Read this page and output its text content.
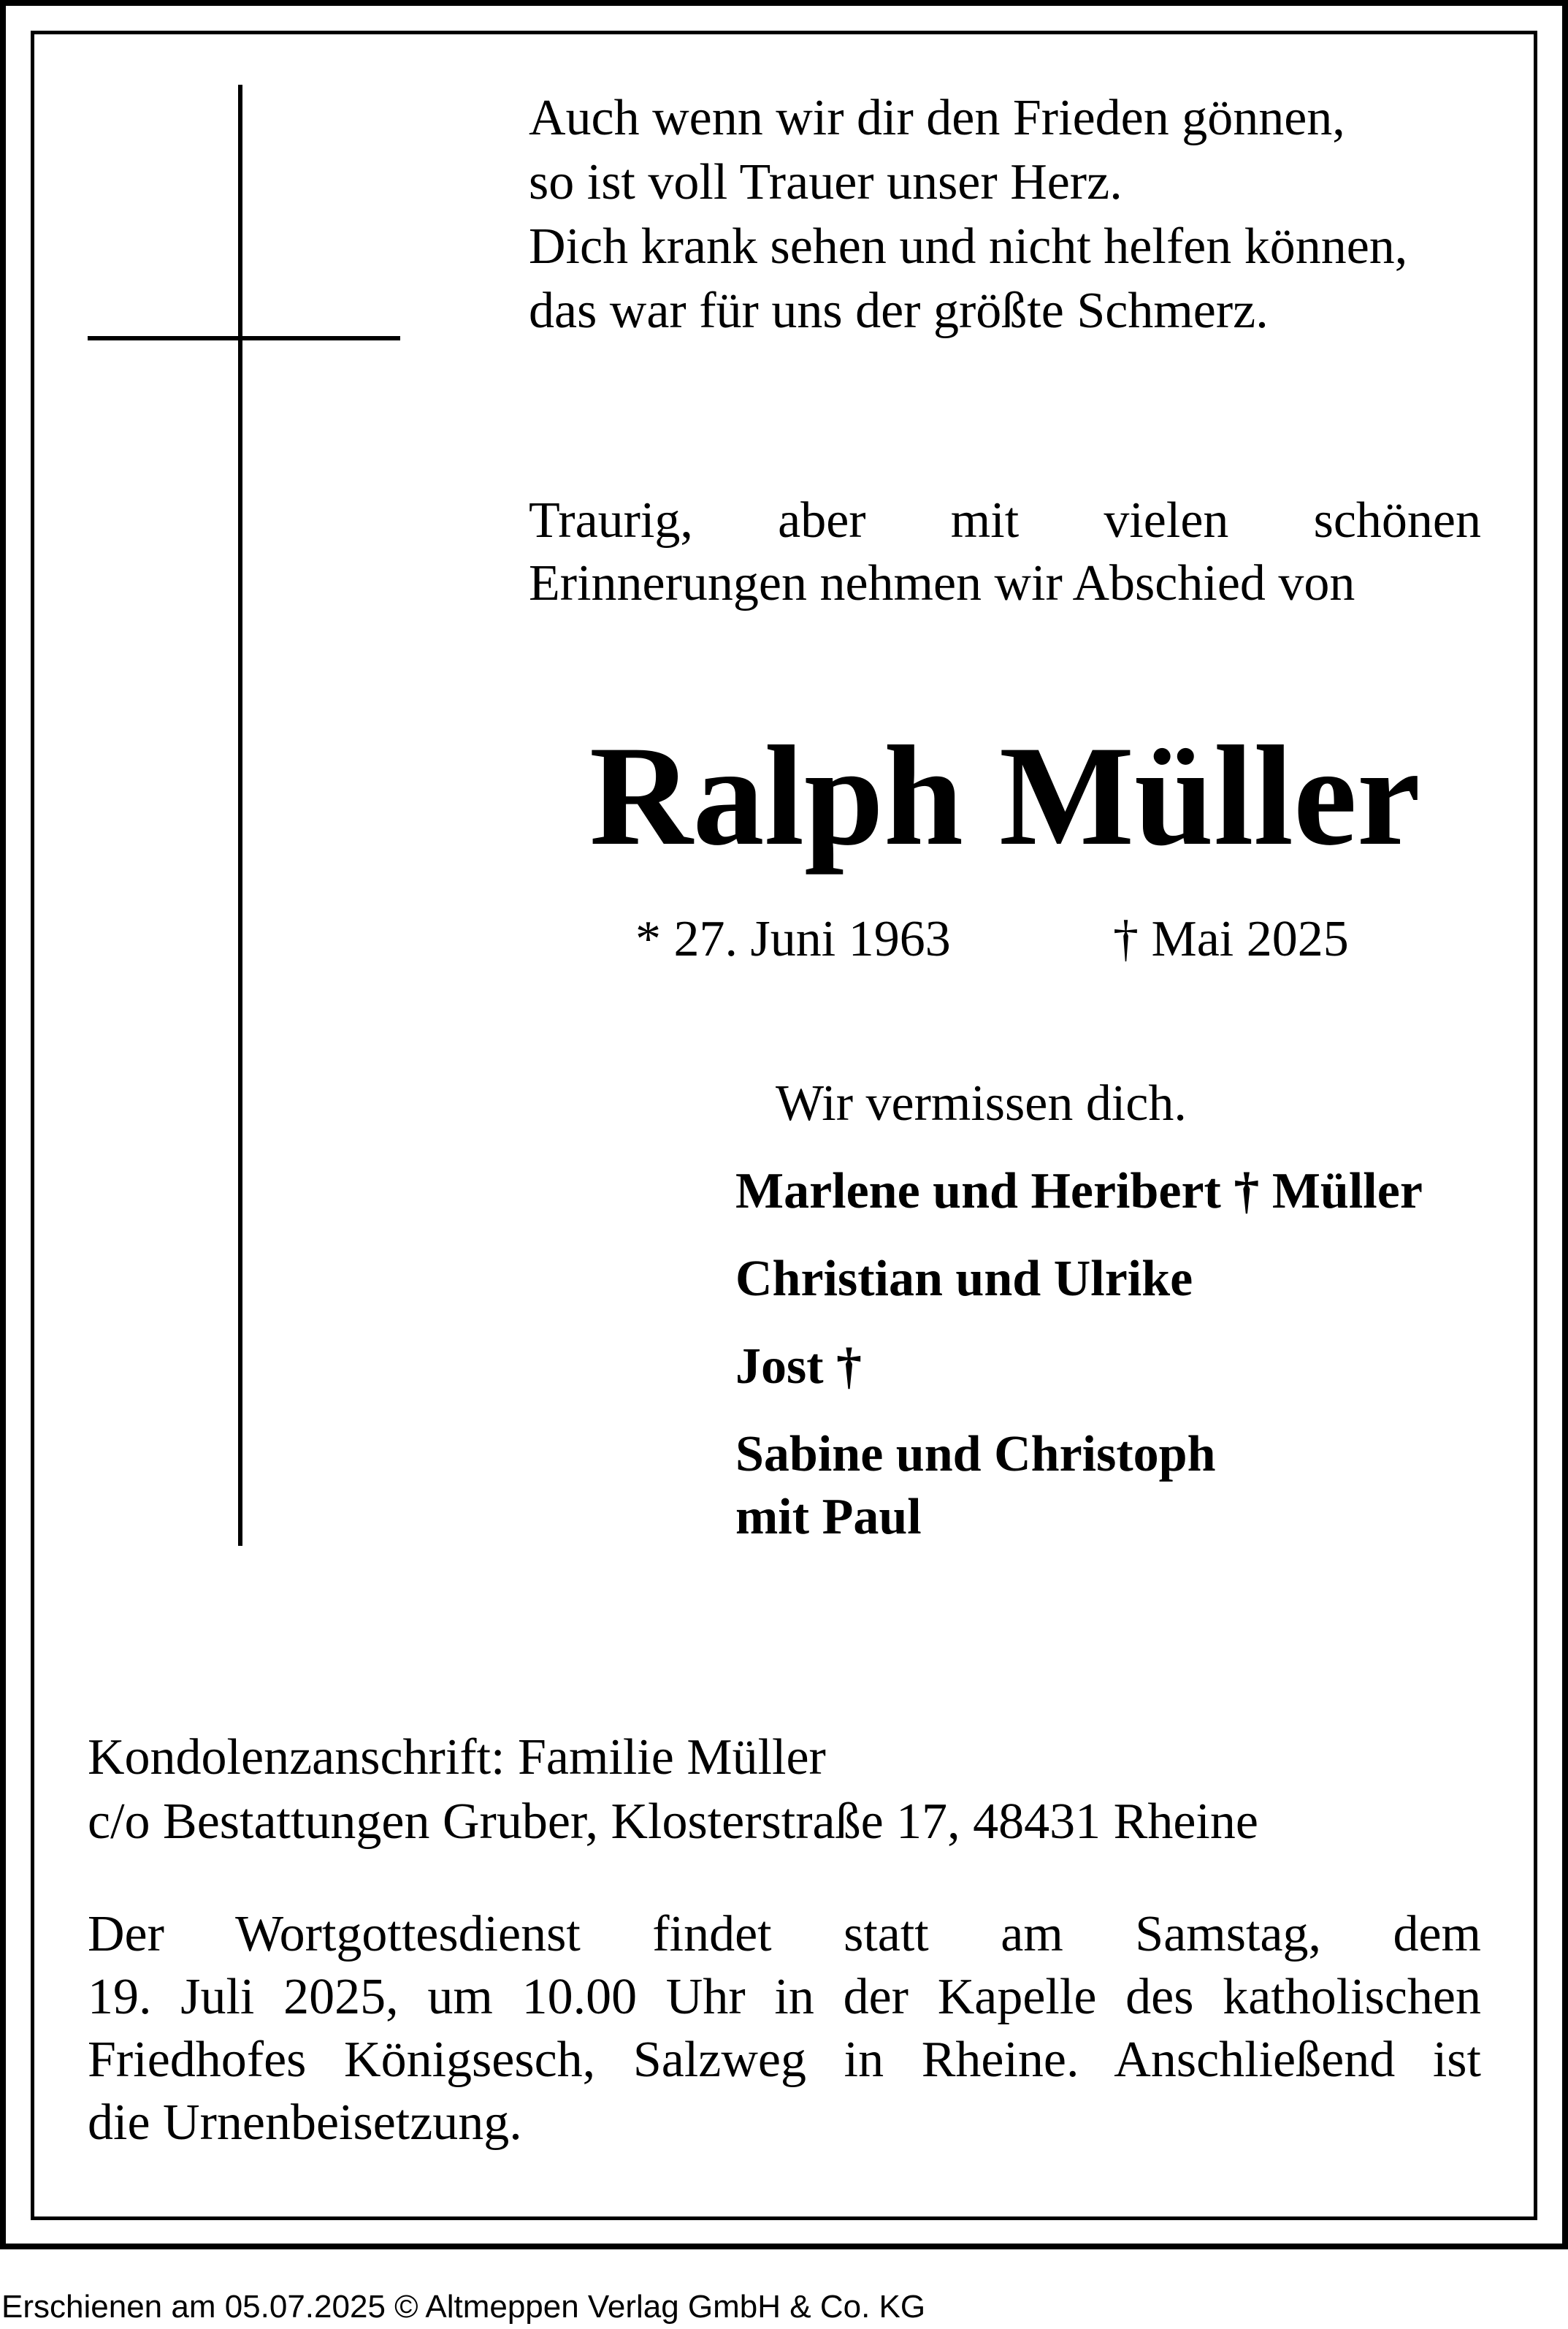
Auch wenn wir dir den Frieden gönnen,
so ist voll Trauer unser Herz.
Dich krank sehen und nicht helfen können,
das war für uns der größte Schmerz.
Traurig, aber mit vielen schönen
Erinnerungen nehmen wir Abschied von
Ralph Müller
* 27. Juni 1963	† Mai 2025
Wir vermissen dich.
Marlene und Heribert † Müller
Christian und Ulrike
Jost †
Sabine und Christoph
mit Paul
Kondolenzanschrift: Familie Müller
c/o Bestattungen Gruber, Klosterstraße 17, 48431 Rheine
Der Wortgottesdienst findet statt am Samstag, dem
19. Juli 2025, um 10.00 Uhr in der Kapelle des katholischen
Friedhofes Königsesch, Salzweg in Rheine. Anschließend ist
die Urnenbeisetzung.
Erschienen am 05.07.2025 © Altmeppen Verlag GmbH & Co. KG
